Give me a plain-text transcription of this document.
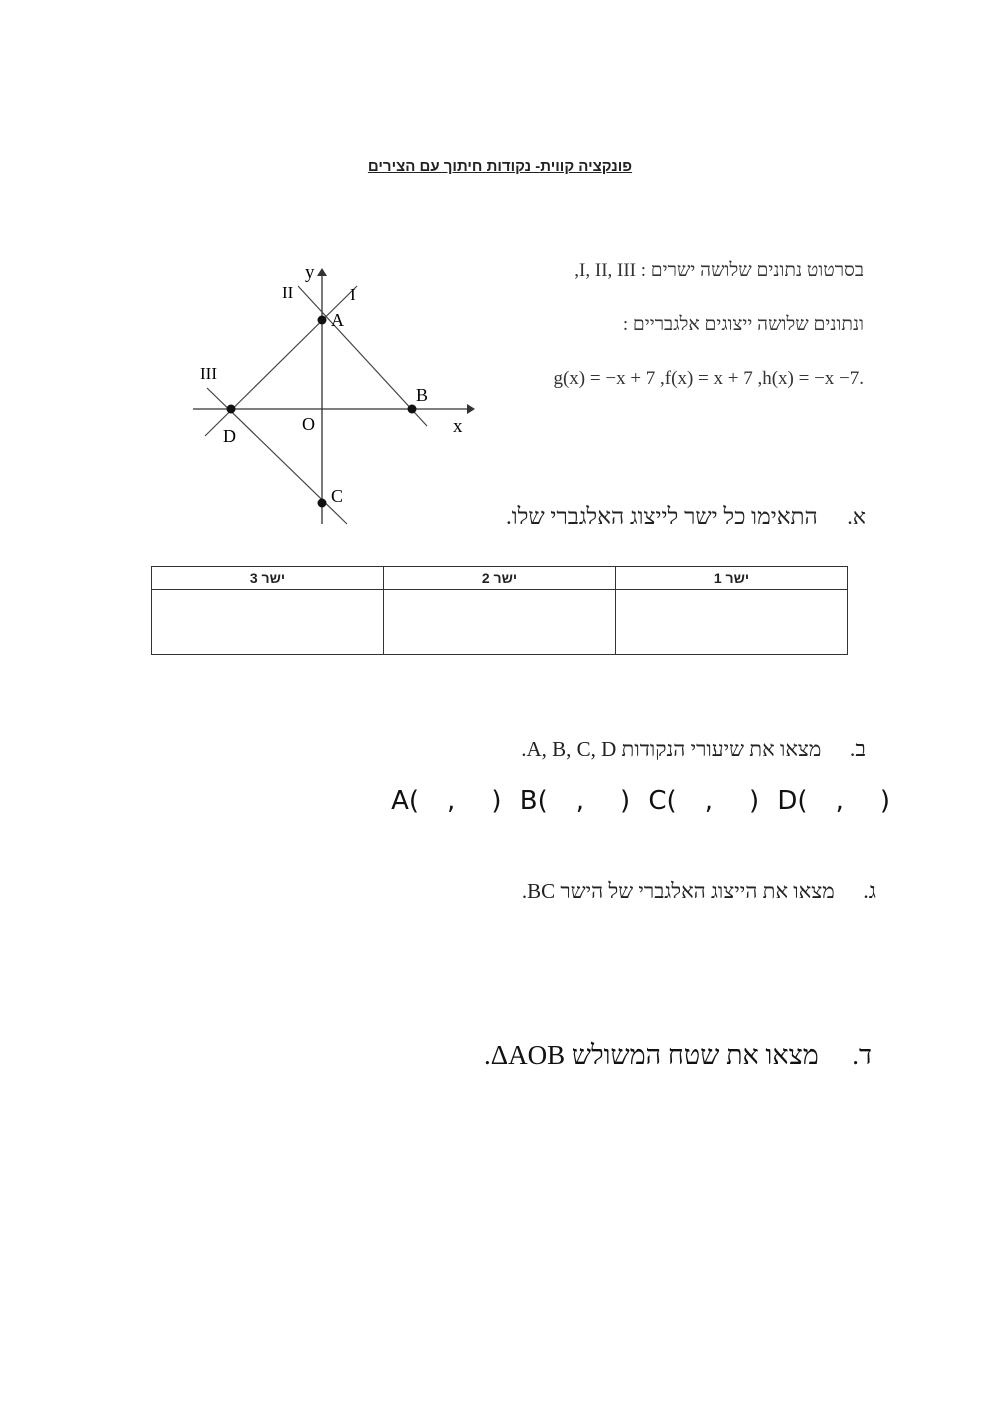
פונקציה קווית- נקודות חיתוך עם הצירים
y
x
O
I
II
III
A
B
C
D
בסרטוט נתונים שלושה ישרים : I, II, III,
ונתונים שלושה ייצוגים אלגבריים :
g(x) = −x + 7 ,f(x) = x + 7 ,h(x) = −x −7.
א.  התאימו כל ישר לייצוג האלגברי שלו.
ישר 1	ישר 2	ישר 3

ב.  מצאו את שיעורי הנקודות A, B, C, D.
A( , ) B( , ) C( , ) D( , )
ג.  מצאו את הייצוג האלגברי של הישר BC.
ד.  מצאו את שטח המשולש ΔAOB.
